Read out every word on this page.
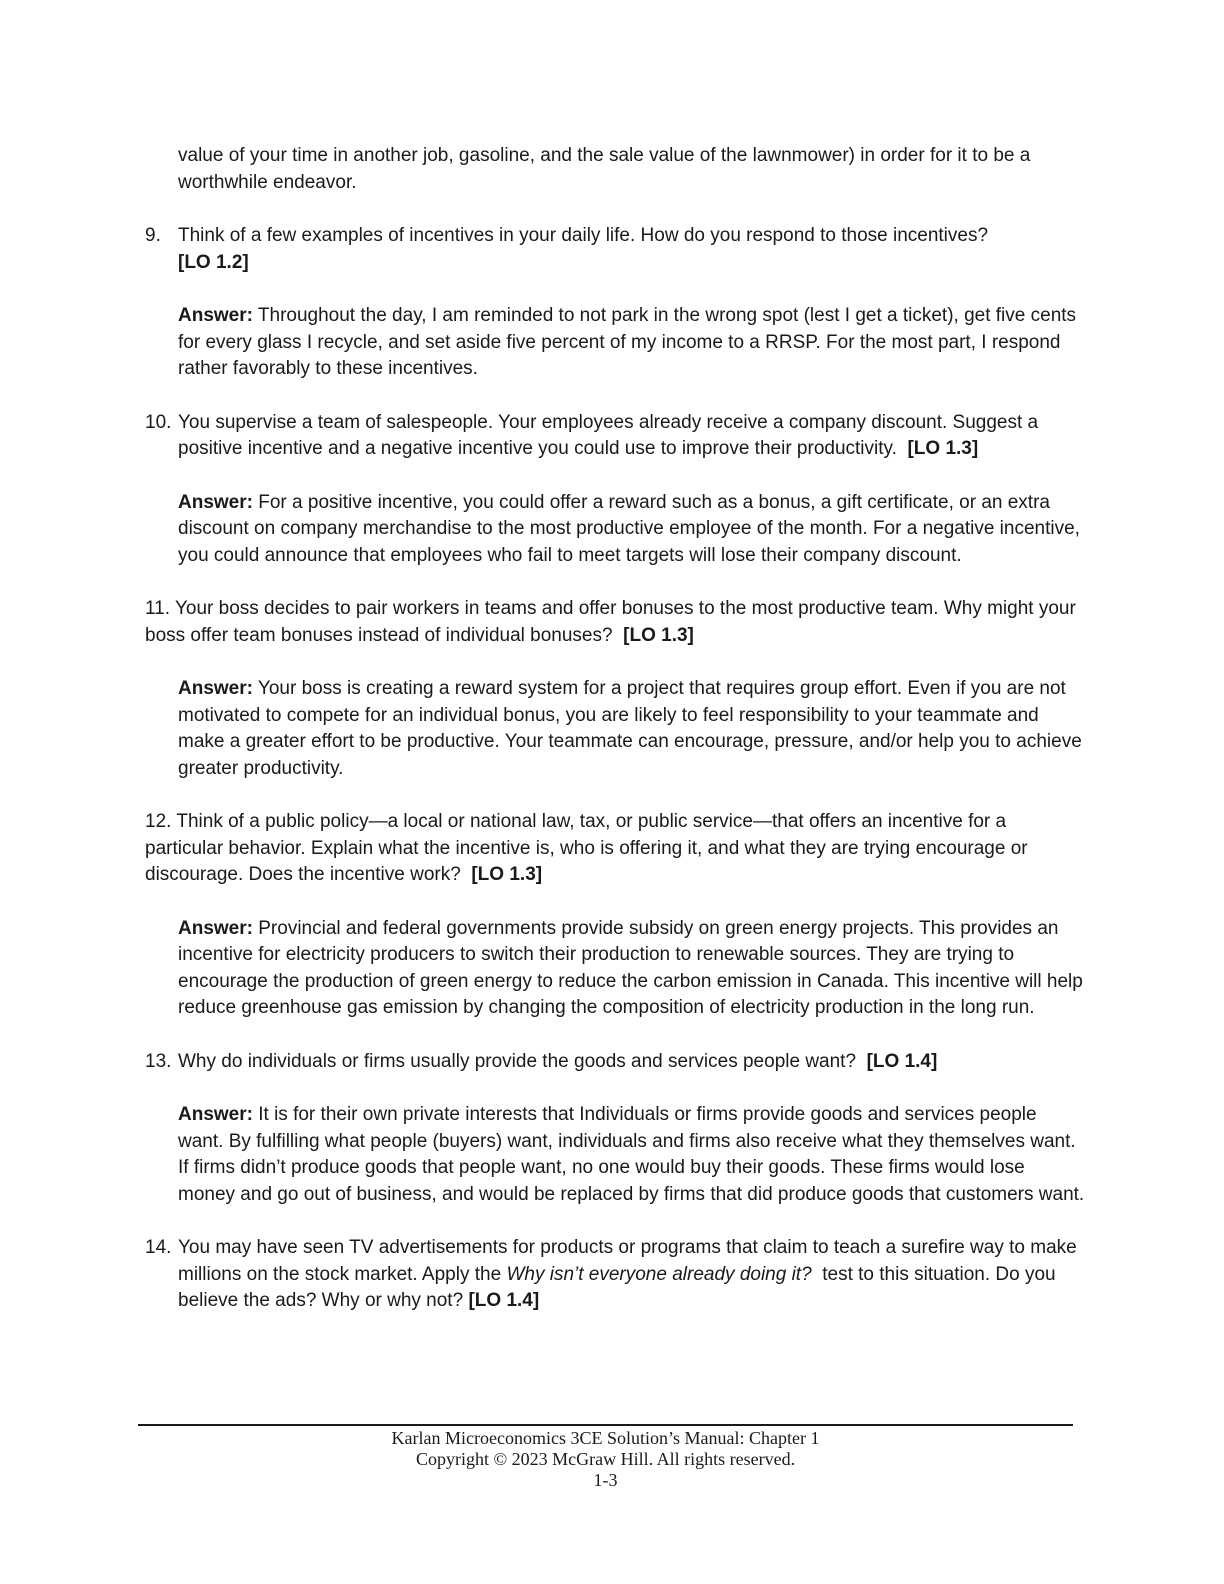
value of your time in another job, gasoline, and the sale value of the lawnmower) in order for it to be a worthwhile endeavor.

9. Think of a few examples of incentives in your daily life. How do you respond to those incentives?
[LO 1.2]

Answer: Throughout the day, I am reminded to not park in the wrong spot (lest I get a ticket), get five cents for every glass I recycle, and set aside five percent of my income to a RRSP. For the most part, I respond rather favorably to these incentives.

10. You supervise a team of salespeople. Your employees already receive a company discount. Suggest a positive incentive and a negative incentive you could use to improve their productivity. [LO 1.3]

Answer: For a positive incentive, you could offer a reward such as a bonus, a gift certificate, or an extra discount on company merchandise to the most productive employee of the month. For a negative incentive, you could announce that employees who fail to meet targets will lose their company discount.

11. Your boss decides to pair workers in teams and offer bonuses to the most productive team. Why might your boss offer team bonuses instead of individual bonuses? [LO 1.3]

Answer: Your boss is creating a reward system for a project that requires group effort. Even if you are not motivated to compete for an individual bonus, you are likely to feel responsibility to your teammate and make a greater effort to be productive. Your teammate can encourage, pressure, and/or help you to achieve greater productivity.

12. Think of a public policy—a local or national law, tax, or public service—that offers an incentive for a particular behavior. Explain what the incentive is, who is offering it, and what they are trying encourage or discourage. Does the incentive work? [LO 1.3]

Answer: Provincial and federal governments provide subsidy on green energy projects. This provides an incentive for electricity producers to switch their production to renewable sources. They are trying to encourage the production of green energy to reduce the carbon emission in Canada. This incentive will help reduce greenhouse gas emission by changing the composition of electricity production in the long run.

13. Why do individuals or firms usually provide the goods and services people want? [LO 1.4]

Answer: It is for their own private interests that Individuals or firms provide goods and services people want. By fulfilling what people (buyers) want, individuals and firms also receive what they themselves want. If firms didn’t produce goods that people want, no one would buy their goods. These firms would lose money and go out of business, and would be replaced by firms that did produce goods that customers want.

14. You may have seen TV advertisements for products or programs that claim to teach a surefire way to make millions on the stock market. Apply the Why isn’t everyone already doing it? test to this situation. Do you believe the ads? Why or why not? [LO 1.4]
Karlan Microeconomics 3CE Solution’s Manual: Chapter 1
Copyright © 2023 McGraw Hill. All rights reserved.
1-3
